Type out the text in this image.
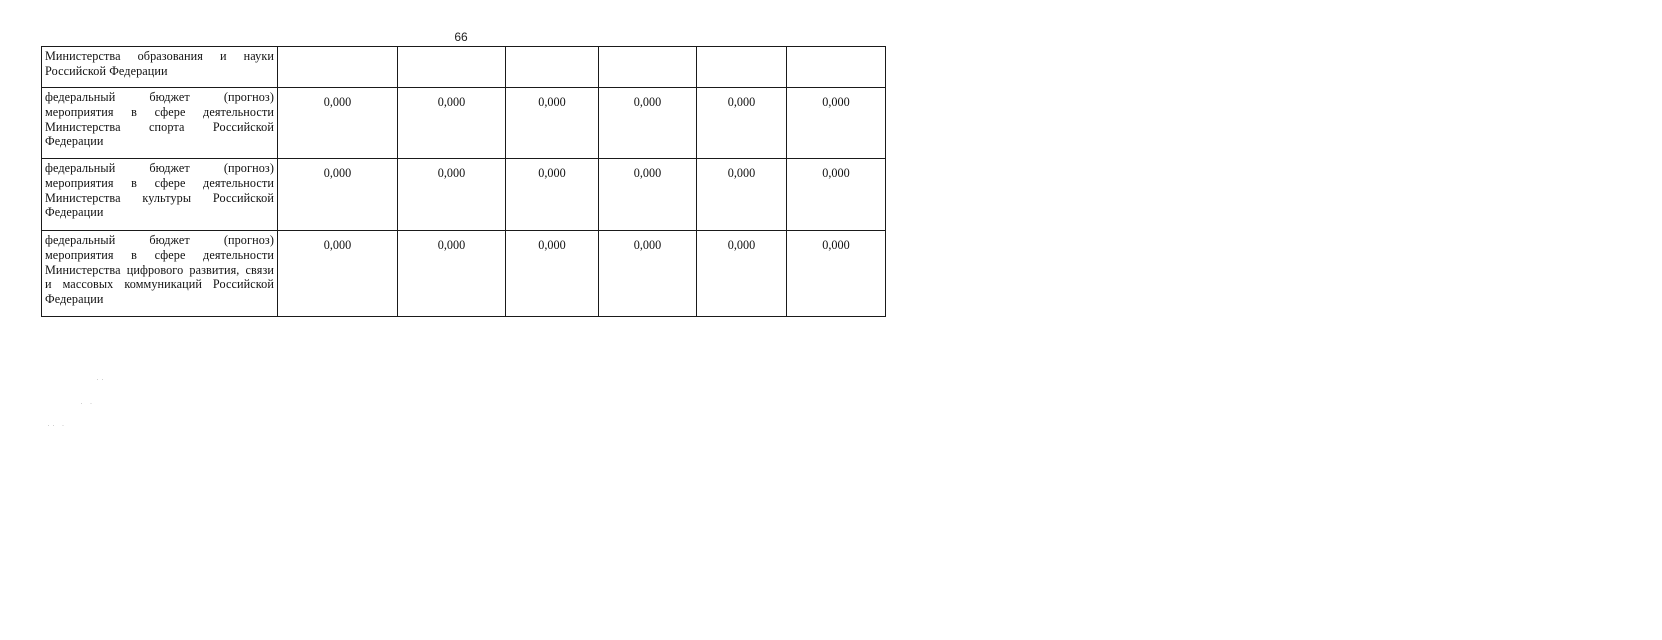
66
Министерства образования и науки Российской Федерации						
федеральный бюджет (прогноз) мероприятия в сфере деятельности Министерства спорта Российской Федерации	0,000	0,000	0,000	0,000	0,000	0,000
федеральный бюджет (прогноз) мероприятия в сфере деятельности Министерства культуры Российской Федерации	0,000	0,000	0,000	0,000	0,000	0,000
федеральный бюджет (прогноз) мероприятия в сфере деятельности Министерства цифрового развития, связи и массовых коммуникаций Российской Федерации	0,000	0,000	0,000	0,000	0,000	0,000
··
· ·
·· ·
